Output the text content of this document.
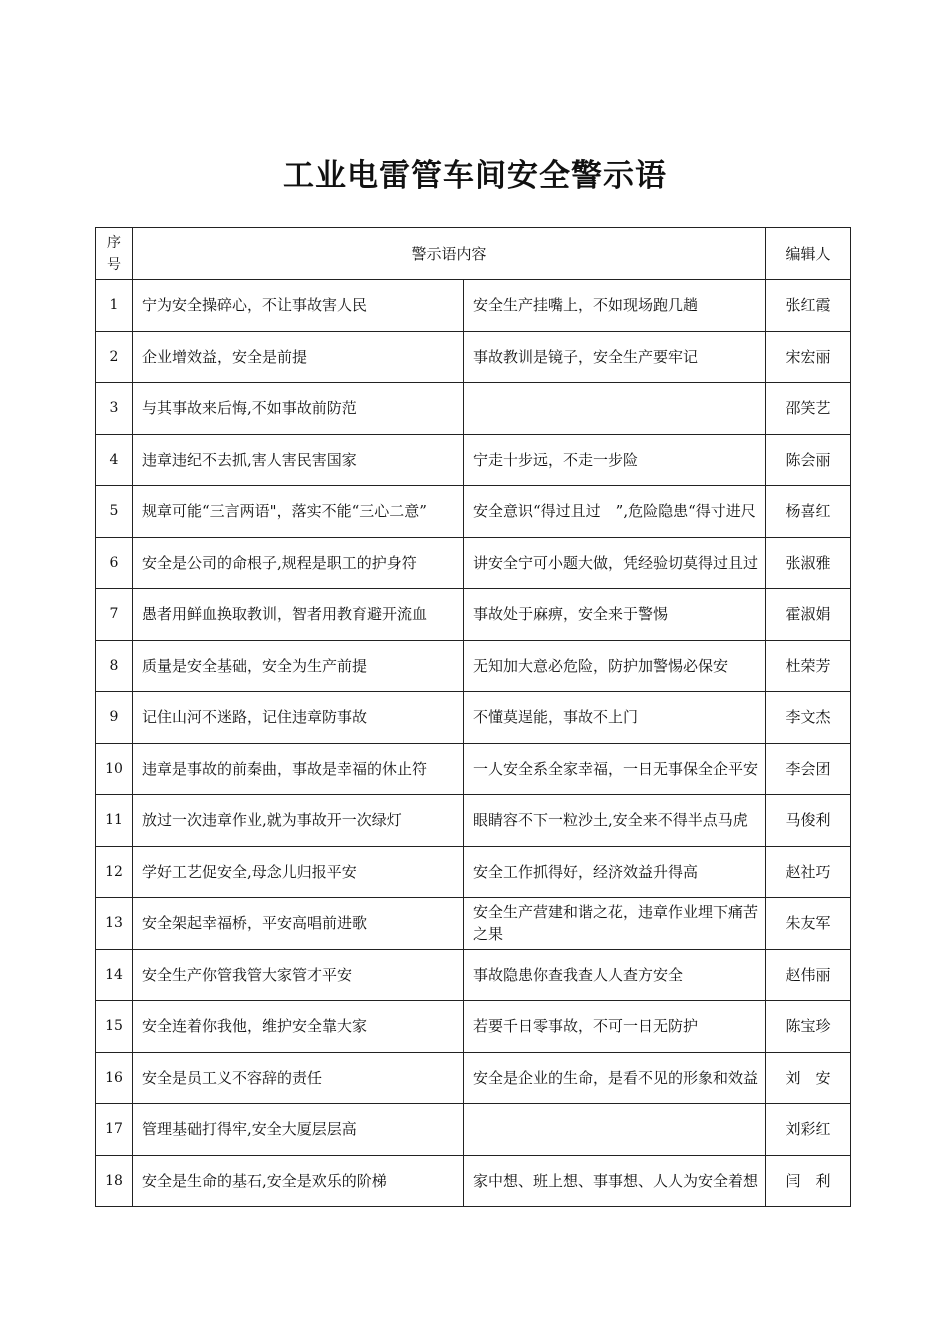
工业电雷管车间安全警示语
序
号	警示语内容		编辑人
1	宁为安全操碎心，不让事故害人民	安全生产挂嘴上，不如现场跑几趟	张红霞
2	企业增效益，安全是前提	事故教训是镜子，安全生产要牢记	宋宏丽
3	与其事故来后悔,不如事故前防范		邵笑艺
4	违章违纪不去抓,害人害民害国家	宁走十步远，不走一步险	陈会丽
5	规章可能“三言两语"，落实不能“三心二意”	安全意识“得过且过　”,危险隐患“得寸进尺	杨喜红
6	安全是公司的命根子,规程是职工的护身符	讲安全宁可小题大做，凭经验切莫得过且过	张淑雅
7	愚者用鲜血换取教训，智者用教育避开流血	事故处于麻痹，安全来于警惕	霍淑娟
8	质量是安全基础，安全为生产前提	无知加大意必危险，防护加警惕必保安	杜荣芳
9	记住山河不迷路，记住违章防事故	不懂莫逞能，事故不上门	李文杰
10	违章是事故的前秦曲，事故是幸福的休止符	一人安全系全家幸福，一日无事保全企平安	李会团
11	放过一次违章作业,就为事故开一次绿灯	眼睛容不下一粒沙土,安全来不得半点马虎	马俊利
12	学好工艺促安全,母念儿归报平安	安全工作抓得好，经济效益升得高	赵社巧
13	安全架起幸福桥，平安高唱前进歌	安全生产营建和谐之花，违章作业埋下痛苦之果	朱友军
14	安全生产你管我管大家管才平安	事故隐患你查我查人人查方安全	赵伟丽
15	安全连着你我他，维护安全靠大家	若要千日零事故，不可一日无防护	陈宝珍
16	安全是员工义不容辞的责任	安全是企业的生命，是看不见的形象和效益	刘　安
17	管理基础打得牢,安全大厦层层高		刘彩红
18	安全是生命的基石,安全是欢乐的阶梯	家中想、班上想、事事想、人人为安全着想	闫　利
